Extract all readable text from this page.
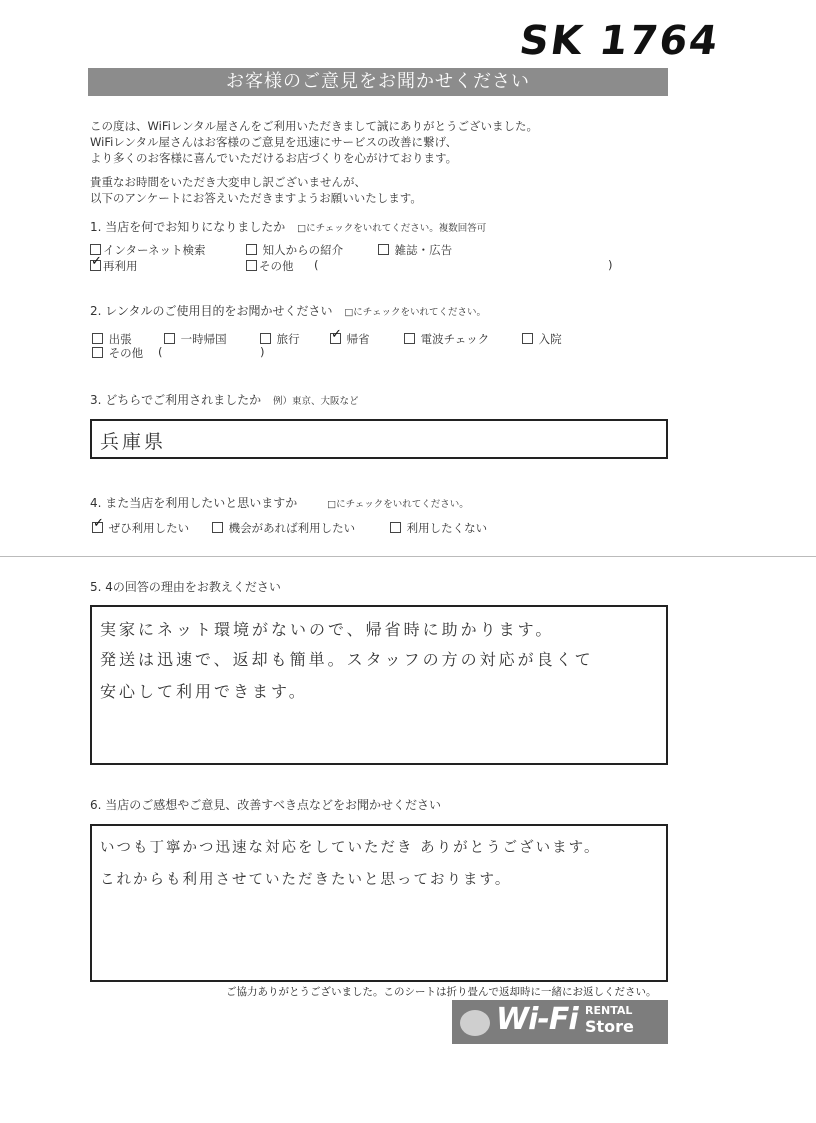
SK 1764
お客様のご意見をお聞かせください
この度は、WiFiレンタル屋さんをご利用いただきまして誠にありがとうございました。
WiFiレンタル屋さんはお客様のご意見を迅速にサービスの改善に繋げ、
より多くのお客様に喜んでいただけるお店づくりを心がけております。
貴重なお時間をいただき大変申し訳ございませんが、
以下のアンケートにお答えいただきますようお願いいたします。
1. 当店を何でお知りになりましたか □にチェックをいれてください。複数回答可
インターネット検索	知人からの紹介	雑誌・広告
✓再利用	その他 (	)
2. レンタルのご使用目的をお聞かせください □にチェックをいれてください。
出張	一時帰国	旅行
✓	帰省	電波チェック	入院
その他 (	)
3. どちらでご利用されましたか 例）東京、大阪など
兵庫県
4. また当店を利用したいと思いますか	□にチェックをいれてください。
✓ ぜひ利用したい	機会があれば利用したい	利用したくない
5. 4の回答の理由をお教えください
実家にネット環境がないので、帰省時に助かります。
発送は迅速で、返却も簡単。スタッフの方の対応が良くて
安心して利用できます。
6. 当店のご感想やご意見、改善すべき点などをお聞かせください
いつも丁寧かつ迅速な対応をしていただき ありがとうございます。
これからも利用させていただきたいと思っております。
ご協力ありがとうございました。このシートは折り畳んで返却時に一緒にお返しください。
Wi-Fi RENTAL
Store
